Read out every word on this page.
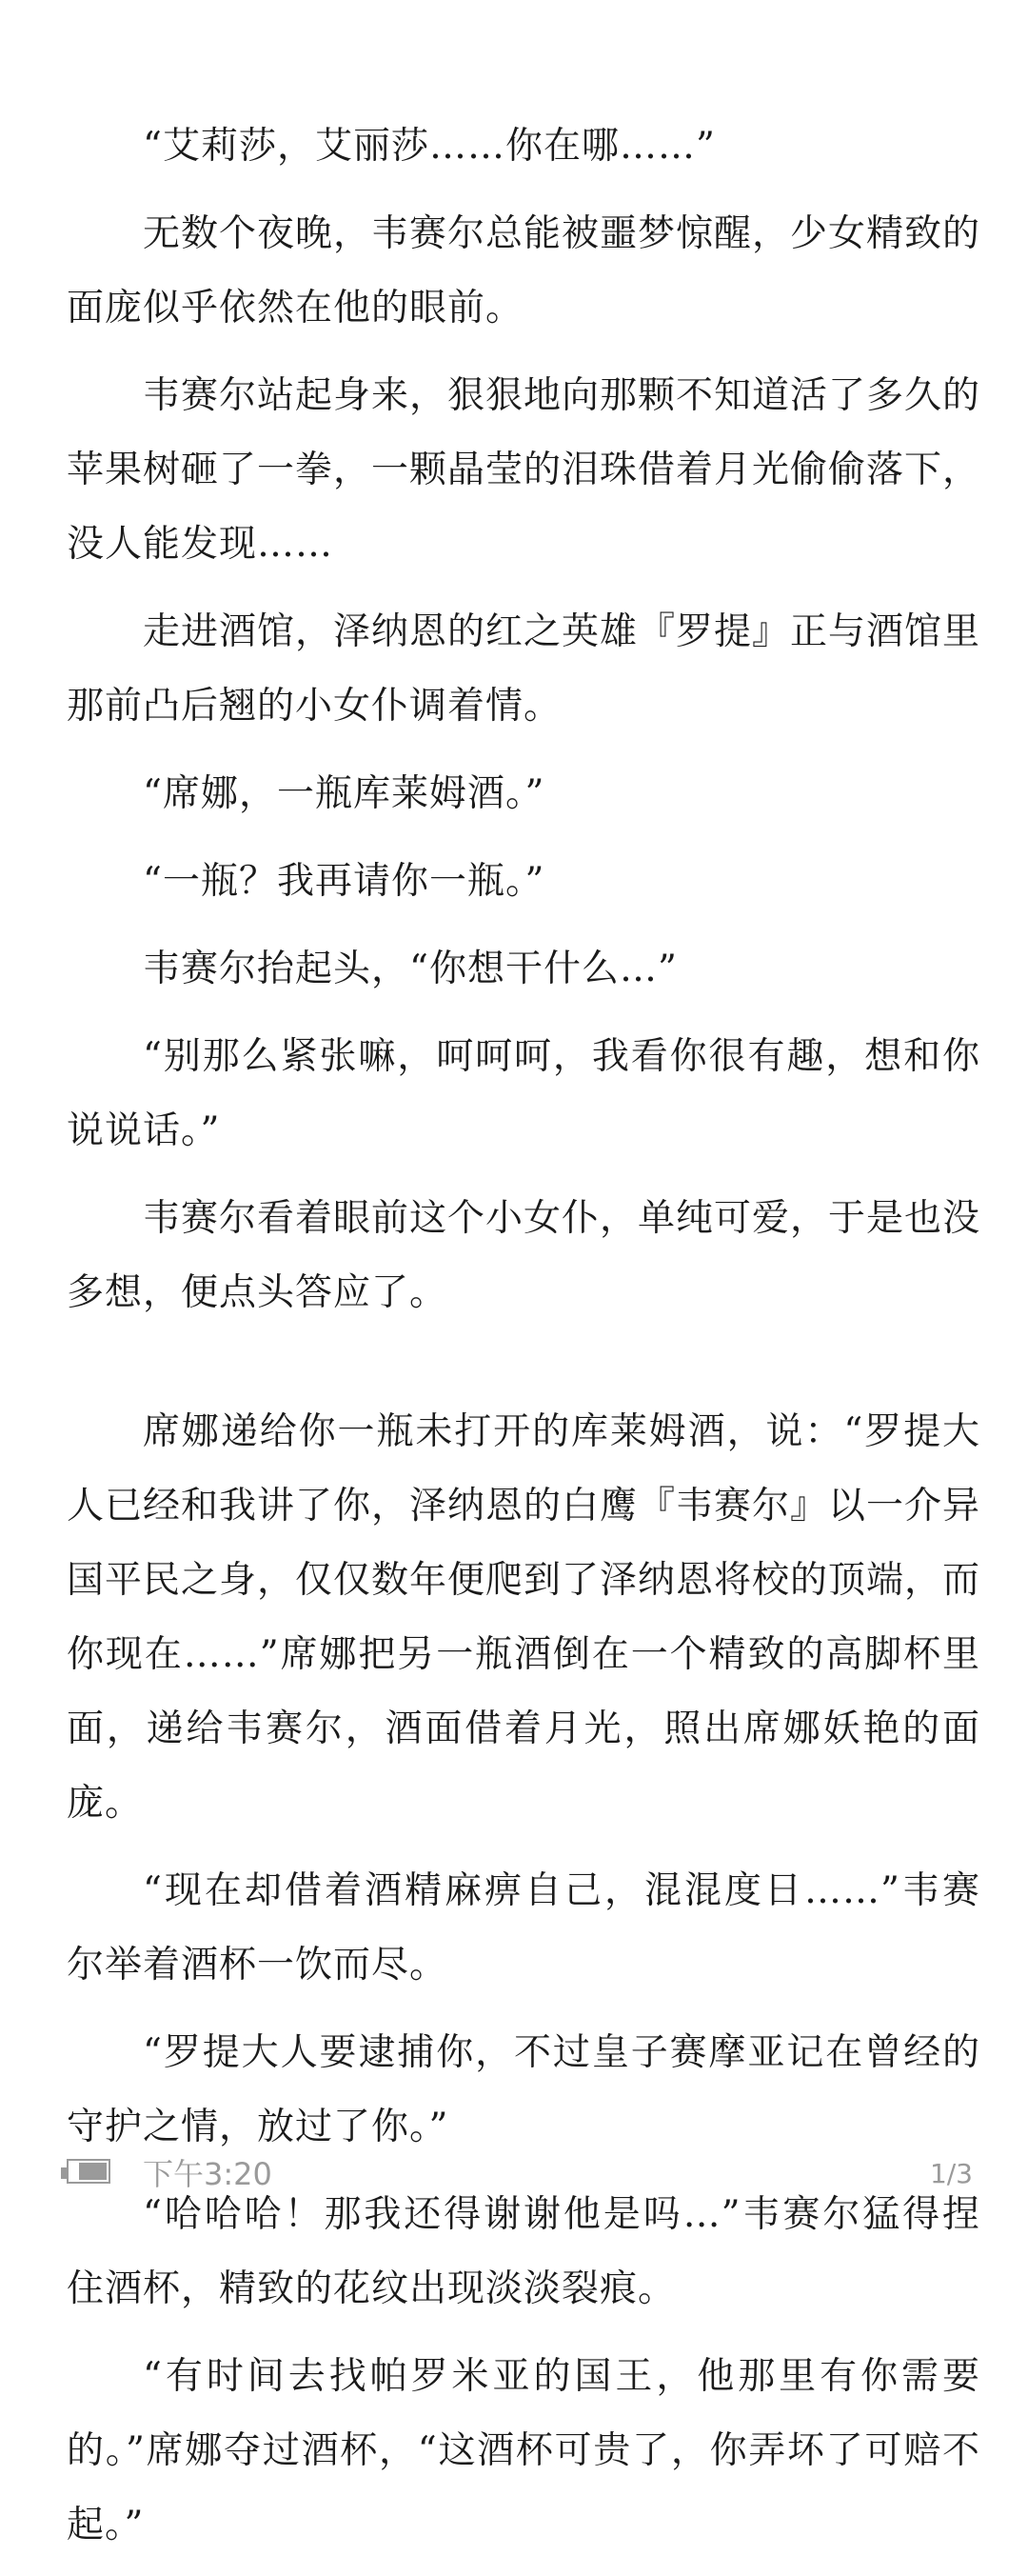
“艾莉莎，艾丽莎……你在哪……”

无数个夜晚，韦赛尔总能被噩梦惊醒，少女精致的面庞似乎依然在他的眼前。

韦赛尔站起身来，狠狠地向那颗不知道活了多久的苹果树砸了一拳，一颗晶莹的泪珠借着月光偷偷落下，没人能发现……

走进酒馆，泽纳恩的红之英雄『罗提』正与酒馆里那前凸后翘的小女仆调着情。

“席娜，一瓶库莱姆酒。”

“一瓶？我再请你一瓶。”

韦赛尔抬起头，“你想干什么…”

“别那么紧张嘛，呵呵呵，我看你很有趣，想和你说说话。”

韦赛尔看着眼前这个小女仆，单纯可爱，于是也没多想，便点头答应了。

席娜递给你一瓶未打开的库莱姆酒，说：“罗提大人已经和我讲了你，泽纳恩的白鹰『韦赛尔』以一介异国平民之身，仅仅数年便爬到了泽纳恩将校的顶端，而你现在……”席娜把另一瓶酒倒在一个精致的高脚杯里面，递给韦赛尔，酒面借着月光，照出席娜妖艳的面庞。

“现在却借着酒精麻痹自己，混混度日……”韦赛尔举着酒杯一饮而尽。

“罗提大人要逮捕你，不过皇子赛摩亚记在曾经的守护之情，放过了你。”

“哈哈哈！那我还得谢谢他是吗…”韦赛尔猛得捏住酒杯，精致的花纹出现淡淡裂痕。

“有时间去找帕罗米亚的国王，他那里有你需要的。”席娜夺过酒杯，“这酒杯可贵了，你弄坏了可赔不起。”

下午3:20	1/3
